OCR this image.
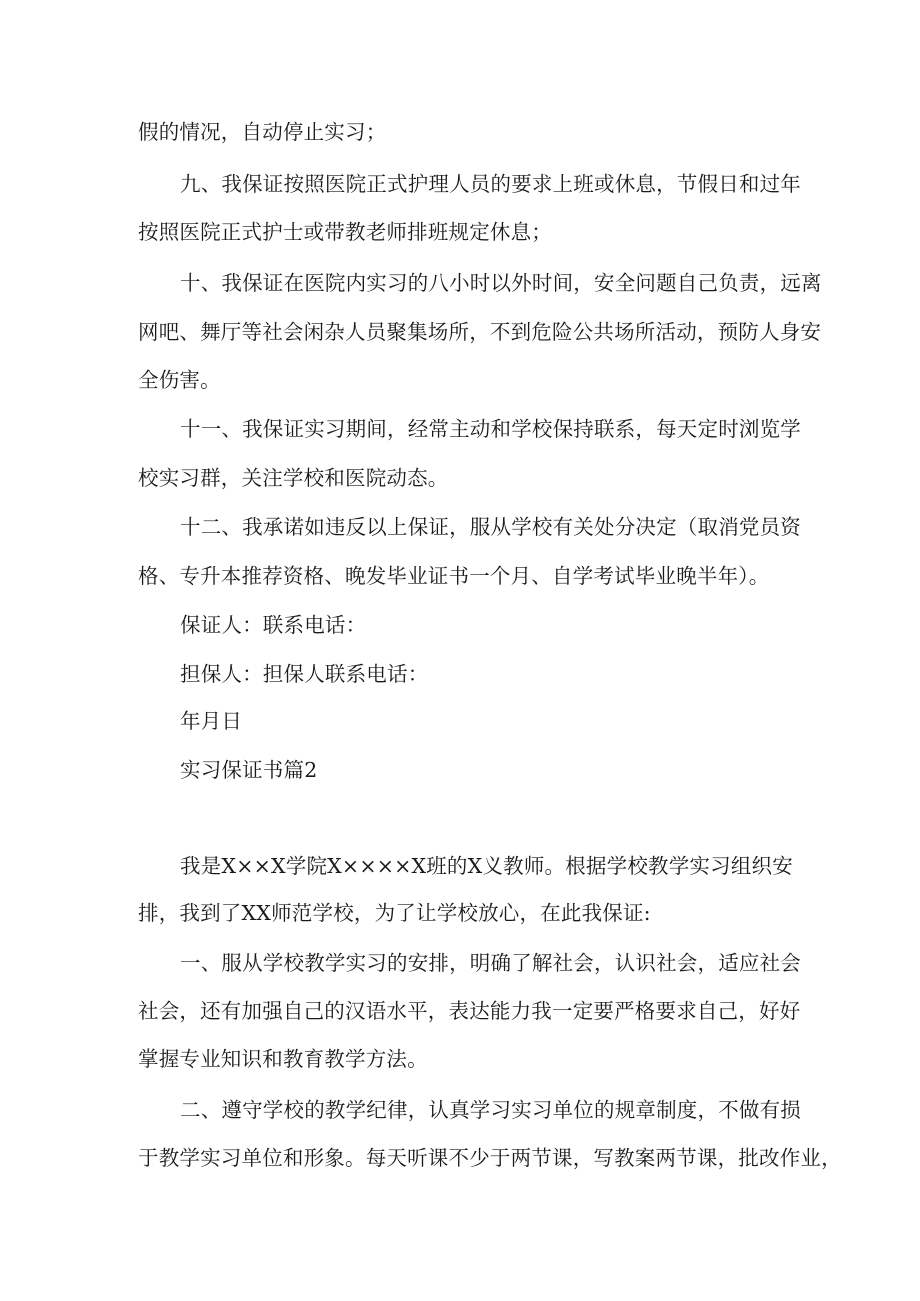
假的情况，自动停止实习；
九、我保证按照医院正式护理人员的要求上班或休息，节假日和过年
按照医院正式护士或带教老师排班规定休息；
十、我保证在医院内实习的八小时以外时间，安全问题自己负责，远离
网吧、舞厅等社会闲杂人员聚集场所，不到危险公共场所活动，预防人身安
全伤害。
十一、我保证实习期间，经常主动和学校保持联系，每天定时浏览学
校实习群，关注学校和医院动态。
十二、我承诺如违反以上保证，服从学校有关处分决定（取消党员资
格、专升本推荐资格、晚发毕业证书一个月、自学考试毕业晚半年）。
保证人：联系电话：
担保人：担保人联系电话：
年月日
实习保证书篇2
我是X××X学院X××××X班的X义教师。根据学校教学实习组织安
排，我到了XX师范学校，为了让学校放心，在此我保证:
一、服从学校教学实习的安排，明确了解社会，认识社会，适应社会
社会，还有加强自己的汉语水平，表达能力我一定要严格要求自己，好好
掌握专业知识和教育教学方法。
二、遵守学校的教学纪律，认真学习实习单位的规章制度，不做有损
于教学实习单位和形象。每天听课不少于两节课，写教案两节课，批改作业，
